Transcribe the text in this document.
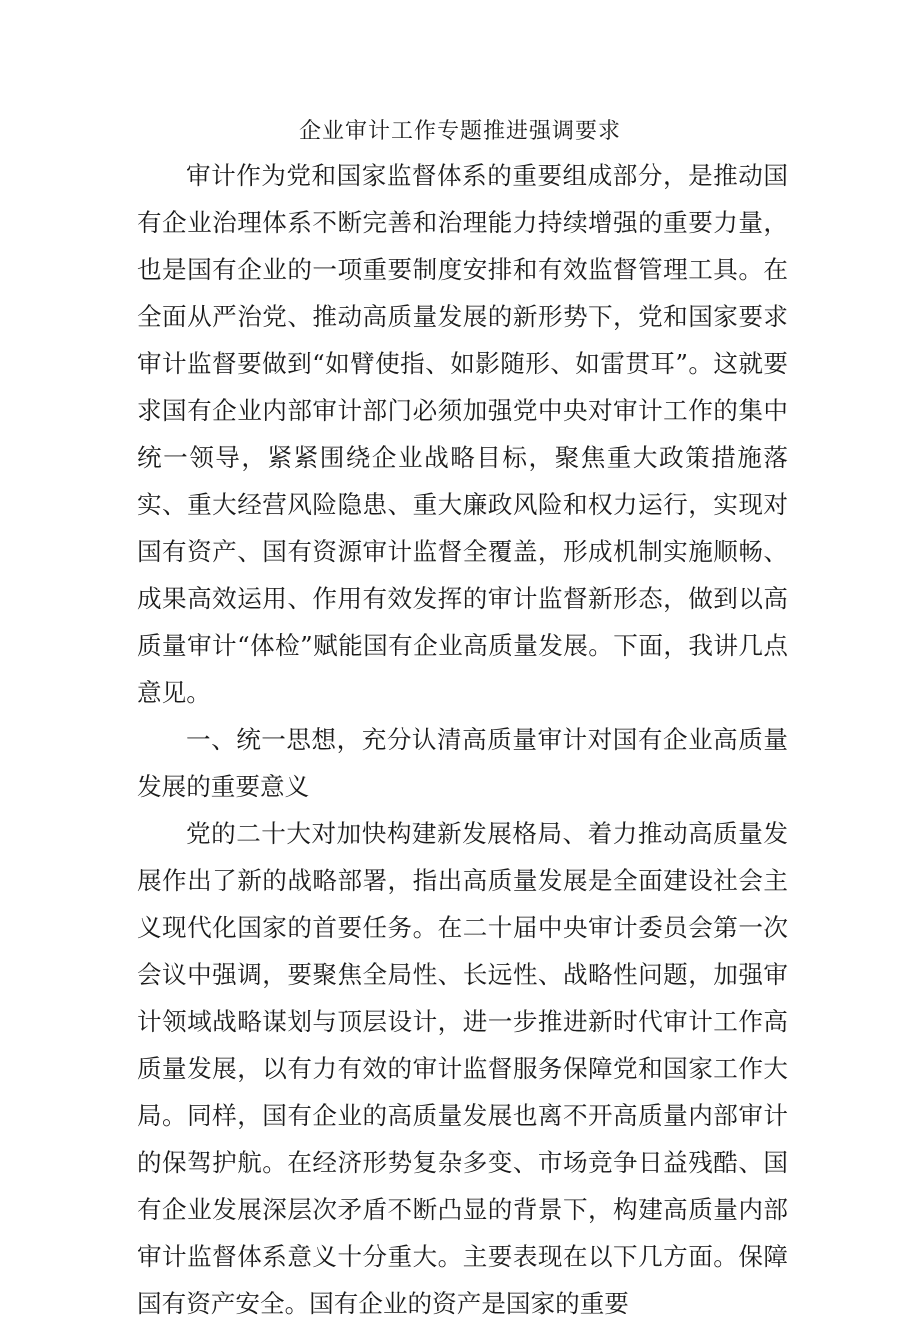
企业审计工作专题推进强调要求

审计作为党和国家监督体系的重要组成部分，是推动国有企业治理体系不断完善和治理能力持续增强的重要力量，也是国有企业的一项重要制度安排和有效监督管理工具。在全面从严治党、推动高质量发展的新形势下，党和国家要求审计监督要做到“如臂使指、如影随形、如雷贯耳”。这就要求国有企业内部审计部门必须加强党中央对审计工作的集中统一领导，紧紧围绕企业战略目标，聚焦重大政策措施落实、重大经营风险隐患、重大廉政风险和权力运行，实现对国有资产、国有资源审计监督全覆盖，形成机制实施顺畅、成果高效运用、作用有效发挥的审计监督新形态，做到以高质量审计“体检”赋能国有企业高质量发展。下面，我讲几点意见。

一、统一思想，充分认清高质量审计对国有企业高质量发展的重要意义

党的二十大对加快构建新发展格局、着力推动高质量发展作出了新的战略部署，指出高质量发展是全面建设社会主义现代化国家的首要任务。在二十届中央审计委员会第一次会议中强调，要聚焦全局性、长远性、战略性问题，加强审计领域战略谋划与顶层设计，进一步推进新时代审计工作高质量发展，以有力有效的审计监督服务保障党和国家工作大局。同样，国有企业的高质量发展也离不开高质量内部审计的保驾护航。在经济形势复杂多变、市场竞争日益残酷、国有企业发展深层次矛盾不断凸显的背景下，构建高质量内部审计监督体系意义十分重大。主要表现在以下几方面。保障国有资产安全。国有企业的资产是国家的重要
